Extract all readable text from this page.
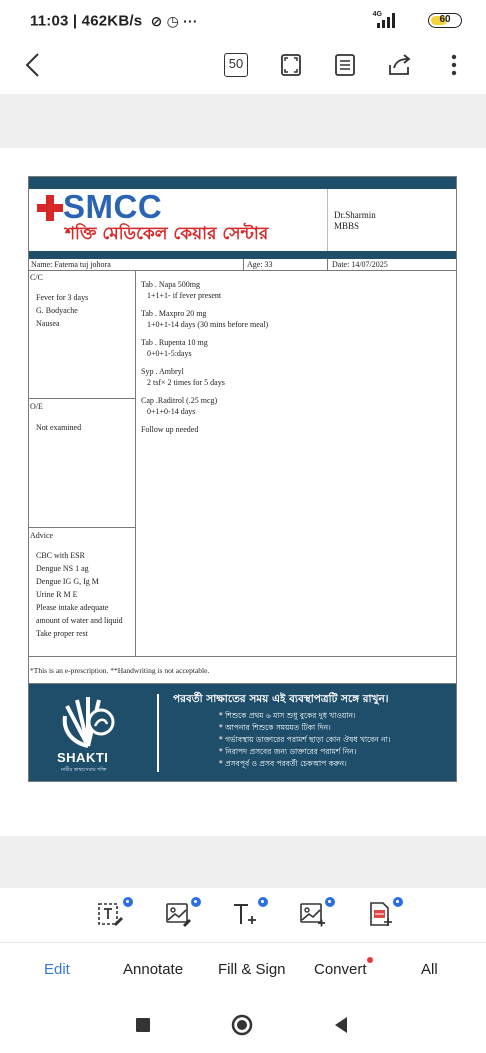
11:03 | 462KB/s ⊘ ◷ ···	4G	60
50
SMCC
শক্তি মেডিকেল কেয়ার সেন্টার
Dr.Sharmin
MBBS
Name: Fatema tuj johora	Age: 33	Date: 14/07/2025
C/C
Fever for 3 days
G. Bodyache
Nausea
O/E
Not examined
Advice
CBC with ESR
Dengue NS 1 ag
Dengue IG G, Ig M
Urine R M E
Please intake adequate
amount of water and liquid
Take proper rest
Tab . Napa 500mg
1+1+1- if fever present
Tab . Maxpro 20 mg
1+0+1-14 days (30 mins before meal)
Tab . Rupenta 10 mg
0+0+1-5:days
Syp . Ambryl
2 tsf× 2 times for 5 days
Cap .Raditrol (.25 mcg)
0+1+0-14 days
Follow up needed
*This is an e-prescription. **Handwriting is not acceptable.
SHAKTI
নারীর স্বাস্থ্যসেবায় শক্তি
পরবর্তী সাক্ষাতের সময় এই ব্যবস্থাপত্রটি সঙ্গে রাখুন।
* শিশুকে প্রথম ৬ মাস শুধু বুকের দুধ খাওয়ান।
* আপনার শিশুকে সময়মত টিকা দিন।
* গর্ভাবস্থায় ডাক্তারের পরামর্শ ছাড়া কোন ঔষধ খাবেন না।
* নিরাপদ প্রসবের জন্য ডাক্তারের পরামর্শ নিন।
* প্রসবপূর্ব ও প্রসব পরবর্তী চেকআপ করুন।
Edit	Annotate Fill & Sign Convert	All
